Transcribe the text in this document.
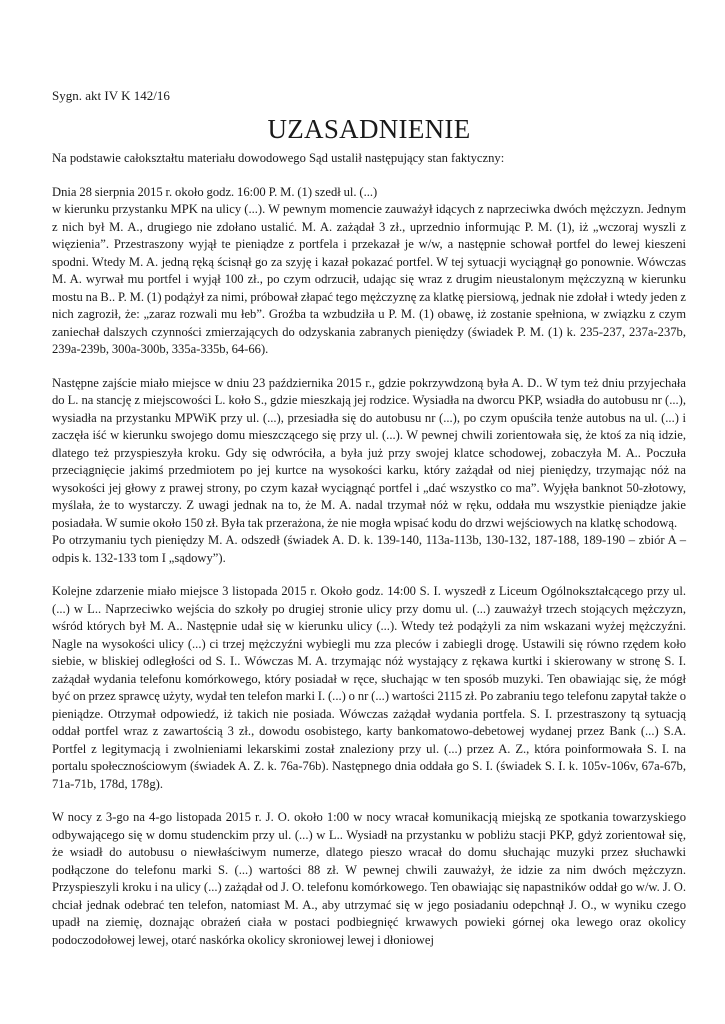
Sygn. akt IV K 142/16
UZASADNIENIE
Na podstawie całokształtu materiału dowodowego Sąd ustalił następujący stan faktyczny:
Dnia 28 sierpnia 2015 r. około godz. 16:00 P. M. (1) szedł ul. (...)
w kierunku przystanku MPK na ulicy (...). W pewnym momencie zauważył idących z naprzeciwka dwóch mężczyzn. Jednym z nich był M. A., drugiego nie zdołano ustalić. M. A. zażądał 3 zł., uprzednio informując P. M. (1), iż „wczoraj wyszli z więzienia”. Przestraszony wyjął te pieniądze z portfela i przekazał je w/w, a następnie schował portfel do lewej kieszeni spodni. Wtedy M. A. jedną ręką ścisnął go za szyję i kazał pokazać portfel. W tej sytuacji wyciągnął go ponownie. Wówczas M. A. wyrwał mu portfel i wyjął 100 zł., po czym odrzucił, udając się wraz z drugim nieustalonym mężczyzną w kierunku mostu na B.. P. M. (1) podążył za nimi, próbował złapać tego mężczyznę za klatkę piersiową, jednak nie zdołał i wtedy jeden z nich zagroził, że: „zaraz rozwali mu łeb”. Groźba ta wzbudziła u P. M. (1) obawę, iż zostanie spełniona, w związku z czym zaniechał dalszych czynności zmierzających do odzyskania zabranych pieniędzy (świadek P. M. (1) k. 235-237, 237a-237b, 239a-239b, 300a-300b, 335a-335b, 64-66).
Następne zajście miało miejsce w dniu 23 października 2015 r., gdzie pokrzywdzoną była A. D.. W tym też dniu przyjechała do L. na stancję z miejscowości L. koło S., gdzie mieszkają jej rodzice. Wysiadła na dworcu PKP, wsiadła do autobusu nr (...), wysiadła na przystanku MPWiK przy ul. (...), przesiadła się do autobusu nr (...), po czym opuściła tenże autobus na ul. (...) i zaczęła iść w kierunku swojego domu mieszczącego się przy ul. (...). W pewnej chwili zorientowała się, że ktoś za nią idzie, dlatego też przyspieszyła kroku. Gdy się odwróciła, a była już przy swojej klatce schodowej, zobaczyła M. A.. Poczuła przeciągnięcie jakimś przedmiotem po jej kurtce na wysokości karku, który zażądał od niej pieniędzy, trzymając nóż na wysokości jej głowy z prawej strony, po czym kazał wyciągnąć portfel i „dać wszystko co ma”. Wyjęła banknot 50-złotowy, myślała, że to wystarczy. Z uwagi jednak na to, że M. A. nadal trzymał nóż w ręku, oddała mu wszystkie pieniądze jakie posiadała. W sumie około 150 zł. Była tak przerażona, że nie mogła wpisać kodu do drzwi wejściowych na klatkę schodową.
Po otrzymaniu tych pieniędzy M. A. odszedł (świadek A. D. k. 139-140, 113a-113b, 130-132, 187-188, 189-190 – zbiór A – odpis k. 132-133 tom I „sądowy”).
Kolejne zdarzenie miało miejsce 3 listopada 2015 r. Około godz. 14:00 S. I. wyszedł z Liceum Ogólnokształcącego przy ul. (...) w L.. Naprzeciwko wejścia do szkoły po drugiej stronie ulicy przy domu ul. (...) zauważył trzech stojących mężczyzn, wśród których był M. A.. Następnie udał się w kierunku ulicy (...). Wtedy też podążyli za nim wskazani wyżej mężczyźni. Nagle na wysokości ulicy (...) ci trzej mężczyźni wybiegli mu zza pleców i zabiegli drogę. Ustawili się równo rzędem koło siebie, w bliskiej odległości od S. I.. Wówczas M. A. trzymając nóż wystający z rękawa kurtki i skierowany w stronę S. I. zażądał wydania telefonu komórkowego, który posiadał w ręce, słuchając w ten sposób muzyki. Ten obawiając się, że mógł być on przez sprawcę użyty, wydał ten telefon marki I. (...) o nr (...) wartości 2115 zł. Po zabraniu tego telefonu zapytał także o pieniądze. Otrzymał odpowiedź, iż takich nie posiada. Wówczas zażądał wydania portfela. S. I. przestraszony tą sytuacją oddał portfel wraz z zawartością 3 zł., dowodu osobistego, karty bankomatowo-debetowej wydanej przez Bank (...) S.A. Portfel z legitymacją i zwolnieniami lekarskimi został znaleziony przy ul. (...) przez A. Z., która poinformowała S. I. na portalu społecznościowym (świadek A. Z. k. 76a-76b). Następnego dnia oddała go S. I. (świadek S. I. k. 105v-106v, 67a-67b, 71a-71b, 178d, 178g).
W nocy z 3-go na 4-go listopada 2015 r. J. O. około 1:00 w nocy wracał komunikacją miejską ze spotkania towarzyskiego odbywającego się w domu studenckim przy ul. (...) w L.. Wysiadł na przystanku w pobliżu stacji PKP, gdyż zorientował się, że wsiadł do autobusu o niewłaściwym numerze, dlatego pieszo wracał do domu słuchając muzyki przez słuchawki podłączone do telefonu marki S. (...) wartości 88 zł. W pewnej chwili zauważył, że idzie za nim dwóch mężczyzn. Przyspieszyli kroku i na ulicy (...) zażądał od J. O. telefonu komórkowego. Ten obawiając się napastników oddał go w/w. J. O. chciał jednak odebrać ten telefon, natomiast M. A., aby utrzymać się w jego posiadaniu odepchnął J. O., w wyniku czego upadł na ziemię, doznając obrażeń ciała w postaci podbiegnięć krwawych powieki górnej oka lewego oraz okolicy podoczodołowej lewej, otarć naskórka okolicy skroniowej lewej i dłoniowej
